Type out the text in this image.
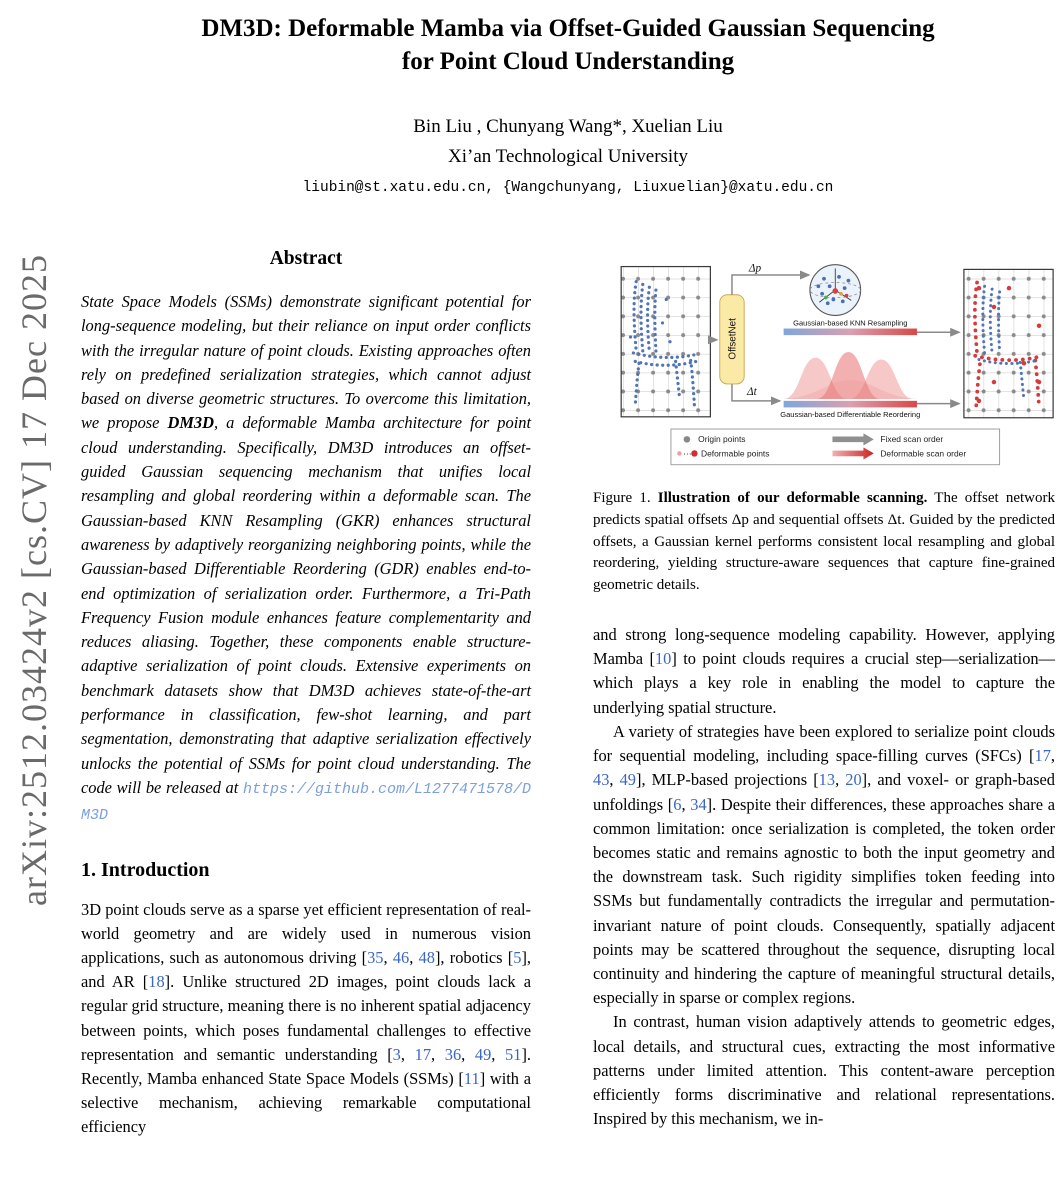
arXiv:2512.03424v2 [cs.CV] 17 Dec 2025
DM3D: Deformable Mamba via Offset-Guided Gaussian Sequencing
for Point Cloud Understanding
Bin Liu , Chunyang Wang*, Xuelian Liu
Xi’an Technological University
liubin@st.xatu.edu.cn, {Wangchunyang, Liuxuelian}@xatu.edu.cn
Abstract
State Space Models (SSMs) demonstrate significant potential for long-sequence modeling, but their reliance on input order conflicts with the irregular nature of point clouds. Existing approaches often rely on predefined serialization strategies, which cannot adjust based on diverse geometric structures. To overcome this limitation, we propose DM3D, a deformable Mamba architecture for point cloud understanding. Specifically, DM3D introduces an offset-guided Gaussian sequencing mechanism that unifies local resampling and global reordering within a deformable scan. The Gaussian-based KNN Resampling (GKR) enhances structural awareness by adaptively reorganizing neighboring points, while the Gaussian-based Differentiable Reordering (GDR) enables end-to-end optimization of serialization order. Furthermore, a Tri-Path Frequency Fusion module enhances feature complementarity and reduces aliasing. Together, these components enable structure-adaptive serialization of point clouds. Extensive experiments on benchmark datasets show that DM3D achieves state-of-the-art performance in classification, few-shot learning, and part segmentation, demonstrating that adaptive serialization effectively unlocks the potential of SSMs for point cloud understanding. The code will be released at https://github.com/L1277471578/DM3D
1. Introduction

3D point clouds serve as a sparse yet efficient representation of real-world geometry and are widely used in numerous vision applications, such as autonomous driving [35, 46, 48], robotics [5], and AR [18]. Unlike structured 2D images, point clouds lack a regular grid structure, meaning there is no inherent spatial adjacency between points, which poses fundamental challenges to effective representation and semantic understanding [3, 17, 36, 49, 51]. Recently, Mamba enhanced State Space Models (SSMs) [11] with a selective mechanism, achieving remarkable computational efficiency

OffsetNet
Δp
Δt
Gaussian-based KNN Resampling
Gaussian-based Differentiable Reordering
Origin points	Fixed scan order
⋯ Deformable points	Deformable scan order
Figure 1. Illustration of our deformable scanning. The offset network predicts spatial offsets Δp and sequential offsets Δt. Guided by the predicted offsets, a Gaussian kernel performs consistent local resampling and global reordering, yielding structure-aware sequences that capture fine-grained geometric details.

and strong long-sequence modeling capability. However, applying Mamba [10] to point clouds requires a crucial step—serialization—which plays a key role in enabling the model to capture the underlying spatial structure.

A variety of strategies have been explored to serialize point clouds for sequential modeling, including space-filling curves (SFCs) [17, 43, 49], MLP-based projections [13, 20], and voxel- or graph-based unfoldings [6, 34]. Despite their differences, these approaches share a common limitation: once serialization is completed, the token order becomes static and remains agnostic to both the input geometry and the downstream task. Such rigidity simplifies token feeding into SSMs but fundamentally contradicts the irregular and permutation-invariant nature of point clouds. Consequently, spatially adjacent points may be scattered throughout the sequence, disrupting local continuity and hindering the capture of meaningful structural details, especially in sparse or complex regions.

In contrast, human vision adaptively attends to geometric edges, local details, and structural cues, extracting the most informative patterns under limited attention. This content-aware perception efficiently forms discriminative and relational representations. Inspired by this mechanism, we in-
